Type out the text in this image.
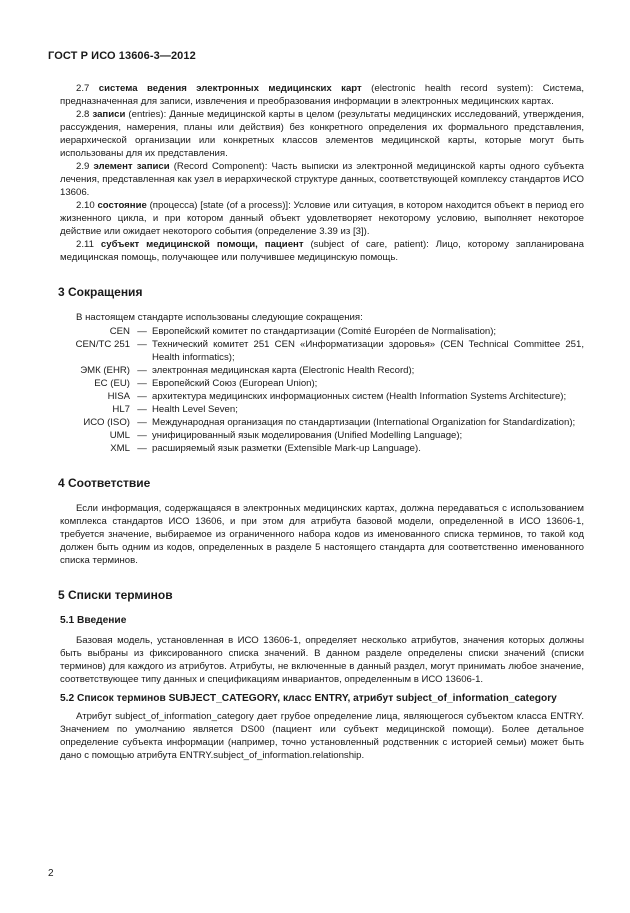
ГОСТ Р ИСО 13606-3—2012

2.7 система ведения электронных медицинских карт (electronic health record system): Система, предназначенная для записи, извлечения и преобразования информации в электронных медицинских картах.

2.8 записи (entries): Данные медицинской карты в целом (результаты медицинских исследований, утверждения, рассуждения, намерения, планы или действия) без конкретного определения их формального представления, иерархической организации или конкретных классов элементов медицинской карты, которые могут быть использованы для их представления.

2.9 элемент записи (Record Component): Часть выписки из электронной медицинской карты одного субъекта лечения, представленная как узел в иерархической структуре данных, соответствующей комплексу стандартов ИСО 13606.

2.10 состояние (процесса) [state (of a process)]: Условие или ситуация, в котором находится объект в период его жизненного цикла, и при котором данный объект удовлетворяет некоторому условию, выполняет некоторое действие или ожидает некоторого события (определение 3.39 из [3]).

2.11 субъект медицинской помощи, пациент (subject of care, patient): Лицо, которому запланирована медицинская помощь, получающее или получившее медицинскую помощь.

3 Сокращения

В настоящем стандарте использованы следующие сокращения:

CEN — Европейский комитет по стандартизации (Comité Européen de Normalisation);
CEN/TC 251 — Технический комитет 251 CEN «Информатизации здоровья» (CEN Technical Committee 251, Health informatics);
ЭМК (EHR) — электронная медицинская карта (Electronic Health Record);
ЕС (EU) — Европейский Союз (European Union);
HISA — архитектура медицинских информационных систем (Health Information Systems Architecture);
HL7 — Health Level Seven;
ИСО (ISO) — Международная организация по стандартизации (International Organization for Standardization);
UML — унифицированный язык моделирования (Unified Modelling Language);
XML — расширяемый язык разметки (Extensible Mark-up Language).
4 Соответствие

Если информация, содержащаяся в электронных медицинских картах, должна передаваться с использованием комплекса стандартов ИСО 13606, и при этом для атрибута базовой модели, определенной в ИСО 13606-1, требуется значение, выбираемое из ограниченного набора кодов из именованного списка терминов, то такой код должен быть одним из кодов, определенных в разделе 5 настоящего стандарта для соответственно именованного списка терминов.

5 Списки терминов
5.1 Введение

Базовая модель, установленная в ИСО 13606-1, определяет несколько атрибутов, значения которых должны быть выбраны из фиксированного списка значений. В данном разделе определены списки значений (списки терминов) для каждого из атрибутов. Атрибуты, не включенные в данный раздел, могут принимать любое значение, соответствующее типу данных и спецификациям инвариантов, определенным в ИСО 13606-1.

5.2 Список терминов SUBJECT_CATEGORY, класс ENTRY, атрибут subject_of_information_category

Атрибут subject_of_information_category дает грубое определение лица, являющегося субъектом класса ENTRY. Значением по умолчанию является DS00 (пациент или субъект медицинской помощи). Более детальное определение субъекта информации (например, точно установленный родственник с историей семьи) может быть дано с помощью атрибута ENTRY.subject_of_information.relationship.

2
